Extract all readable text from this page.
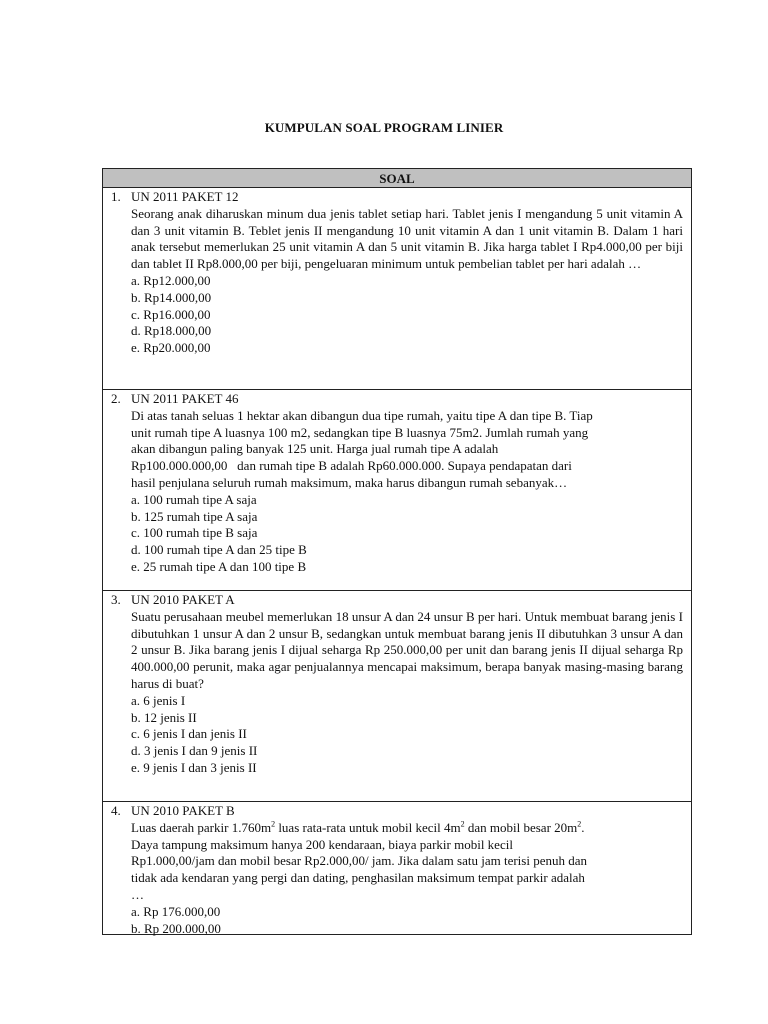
KUMPULAN SOAL PROGRAM LINIER
SOAL
1. UN 2011 PAKET 12
Seorang anak diharuskan minum dua jenis tablet setiap hari. Tablet jenis I mengandung 5 unit vitamin A dan 3 unit vitamin B. Teblet jenis II mengandung 10 unit vitamin A dan 1 unit vitamin B. Dalam 1 hari anak tersebut memerlukan 25 unit vitamin A dan 5 unit vitamin B. Jika harga tablet I Rp4.000,00 per biji dan tablet II Rp8.000,00 per biji, pengeluaran minimum untuk pembelian tablet per hari adalah …
a. Rp12.000,00
b. Rp14.000,00
c. Rp16.000,00
d. Rp18.000,00
e. Rp20.000,00
2. UN 2011 PAKET 46
Di atas tanah seluas 1 hektar akan dibangun dua tipe rumah, yaitu tipe A dan tipe B. Tiap
unit rumah tipe A luasnya 100 m2, sedangkan tipe B luasnya 75m2. Jumlah rumah yang
akan dibangun paling banyak 125 unit. Harga jual rumah tipe A adalah
Rp100.000.000,00   dan rumah tipe B adalah Rp60.000.000. Supaya pendapatan dari
hasil penjulana seluruh rumah maksimum, maka harus dibangun rumah sebanyak…
a. 100 rumah tipe A saja
b. 125 rumah tipe A saja
c. 100 rumah tipe B saja
d. 100 rumah tipe A dan 25 tipe B
e. 25 rumah tipe A dan 100 tipe B
3. UN 2010 PAKET A
Suatu perusahaan meubel memerlukan 18 unsur A dan 24 unsur B per hari. Untuk membuat barang jenis I dibutuhkan 1 unsur A dan 2 unsur B, sedangkan untuk membuat barang jenis II dibutuhkan 3 unsur A dan 2 unsur B. Jika barang jenis I dijual seharga Rp 250.000,00 per unit dan barang jenis II dijual seharga Rp 400.000,00 perunit, maka agar penjualannya mencapai maksimum, berapa banyak masing-masing barang harus di buat?
a. 6 jenis I
b. 12 jenis II
c. 6 jenis I dan jenis II
d. 3 jenis I dan 9 jenis II
e. 9 jenis I dan 3 jenis II
4. UN 2010 PAKET B
Luas daerah parkir $1.760m^2$ luas rata-rata untuk mobil kecil $4m^2$ dan mobil besar $20m^2$.
Daya tampung maksimum hanya 200 kendaraan, biaya parkir mobil kecil
Rp1.000,00/jam dan mobil besar Rp2.000,00/ jam. Jika dalam satu jam terisi penuh dan
tidak ada kendaran yang pergi dan dating, penghasilan maksimum tempat parkir adalah
…
a. Rp 176.000,00
b. Rp 200.000,00
